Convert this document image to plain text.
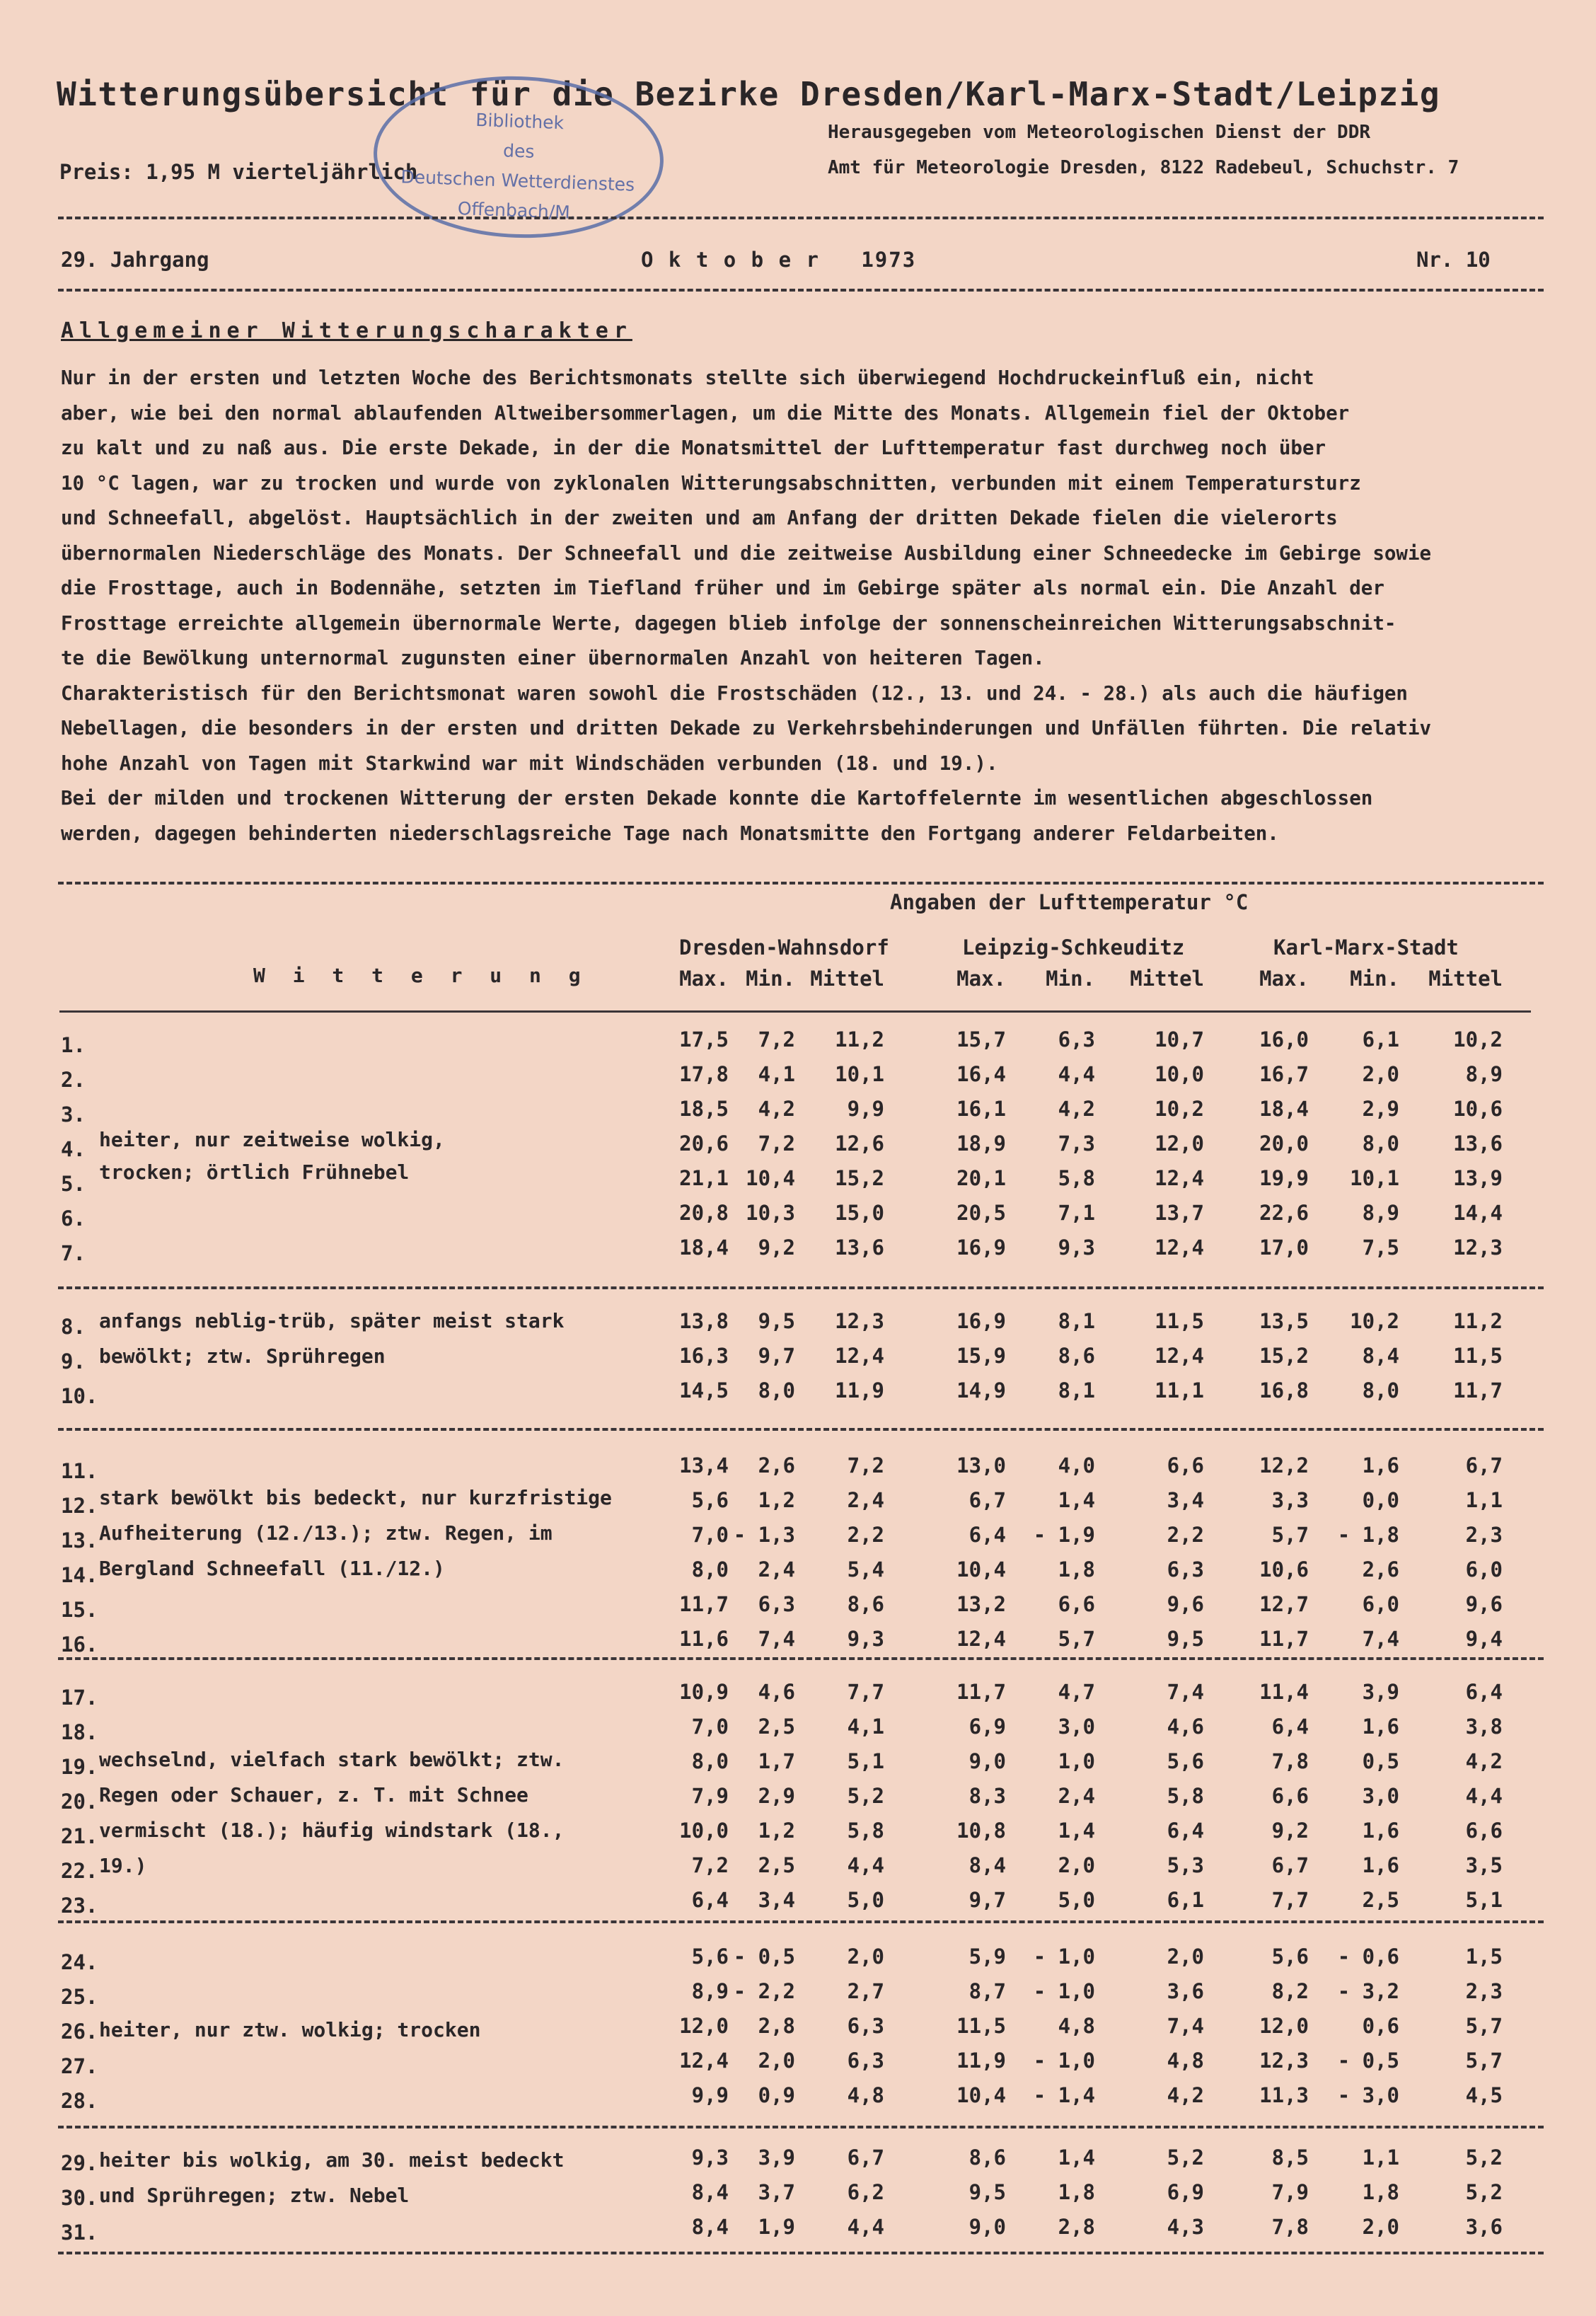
Witterungsübersicht für die Bezirke Dresden/Karl-Marx-Stadt/Leipzig
Preis: 1,95 M vierteljährlich
Herausgegeben vom Meteorologischen Dienst der DDR
Amt für Meteorologie Dresden, 8122 Radebeul, Schuchstr. 7
Bibliothek
des
Deutschen Wetterdienstes
Offenbach/M.
29. Jahrgang	O k t o b e r   1973	Nr. 10
Allgemeiner Witterungscharakter
Nur in der ersten und letzten Woche des Berichtsmonats stellte sich überwiegend Hochdruckeinfluß ein, nicht
aber, wie bei den normal ablaufenden Altweibersommerlagen, um die Mitte des Monats. Allgemein fiel der Oktober
zu kalt und zu naß aus. Die erste Dekade, in der die Monatsmittel der Lufttemperatur fast durchweg noch über
10 °C lagen, war zu trocken und wurde von zyklonalen Witterungsabschnitten, verbunden mit einem Temperatursturz
und Schneefall, abgelöst. Hauptsächlich in der zweiten und am Anfang der dritten Dekade fielen die vielerorts
übernormalen Niederschläge des Monats. Der Schneefall und die zeitweise Ausbildung einer Schneedecke im Gebirge sowie
die Frosttage, auch in Bodennähe, setzten im Tiefland früher und im Gebirge später als normal ein. Die Anzahl der
Frosttage erreichte allgemein übernormale Werte, dagegen blieb infolge der sonnenscheinreichen Witterungsabschnit-
te die Bewölkung unternormal zugunsten einer übernormalen Anzahl von heiteren Tagen.
Charakteristisch für den Berichtsmonat waren sowohl die Frostschäden (12., 13. und 24. - 28.) als auch die häufigen
Nebellagen, die besonders in der ersten und dritten Dekade zu Verkehrsbehinderungen und Unfällen führten. Die relativ
hohe Anzahl von Tagen mit Starkwind war mit Windschäden verbunden (18. und 19.).
Bei der milden und trockenen Witterung der ersten Dekade konnte die Kartoffelernte im wesentlichen abgeschlossen
werden, dagegen behinderten niederschlagsreiche Tage nach Monatsmitte den Fortgang anderer Feldarbeiten.
Angaben der Lufttemperatur °C
W i t t e r u n g
Dresden-Wahnsdorf	Leipzig-Schkeuditz	Karl-Marx-Stadt
Max. Min. Mittel	Max.	Min.	Mittel	Max.	Min.	Mittel
1.	17,5	7,2	11,2	15,7	6,3	10,7	16,0	6,1	10,2
2.	17,8	4,1	10,1	16,4	4,4	10,0	16,7	2,0	8,9
3.	18,5	4,2	9,9	16,1	4,2	10,2	18,4	2,9	10,6
4.	20,6	7,2	12,6	18,9	7,3	12,0	20,0	8,0	13,6
5.	21,1 10,4	15,2	20,1	5,8	12,4	19,9	10,1	13,9
6.	20,8 10,3	15,0	20,5	7,1	13,7	22,6	8,9	14,4
7.	18,4	9,2	13,6	16,9	9,3	12,4	17,0	7,5	12,3
heiter, nur zeitweise wolkig,
trocken; örtlich Frühnebel
8.	13,8	9,5	12,3	16,9	8,1	11,5	13,5	10,2	11,2
9.	16,3	9,7	12,4	15,9	8,6	12,4	15,2	8,4	11,5
10.	14,5	8,0	11,9	14,9	8,1	11,1	16,8	8,0	11,7
anfangs neblig-trüb, später meist stark
bewölkt; ztw. Sprühregen
11.	13,4	2,6	7,2	13,0	4,0	6,6	12,2	1,6	6,7
12.	5,6	1,2	2,4	6,7	1,4	3,4	3,3	0,0	1,1
13.	7,0 - 1,3	2,2	6,4	- 1,9	2,2	5,7	- 1,8	2,3
14.	8,0	2,4	5,4	10,4	1,8	6,3	10,6	2,6	6,0
15.	11,7	6,3	8,6	13,2	6,6	9,6	12,7	6,0	9,6
16.	11,6	7,4	9,3	12,4	5,7	9,5	11,7	7,4	9,4
stark bewölkt bis bedeckt, nur kurzfristige
Aufheiterung (12./13.); ztw. Regen, im
Bergland Schneefall (11./12.)
17.	10,9	4,6	7,7	11,7	4,7	7,4	11,4	3,9	6,4
18.	7,0	2,5	4,1	6,9	3,0	4,6	6,4	1,6	3,8
19.	8,0	1,7	5,1	9,0	1,0	5,6	7,8	0,5	4,2
20.	7,9	2,9	5,2	8,3	2,4	5,8	6,6	3,0	4,4
21.	10,0	1,2	5,8	10,8	1,4	6,4	9,2	1,6	6,6
22.	7,2	2,5	4,4	8,4	2,0	5,3	6,7	1,6	3,5
23.	6,4	3,4	5,0	9,7	5,0	6,1	7,7	2,5	5,1
wechselnd, vielfach stark bewölkt; ztw.
Regen oder Schauer, z. T. mit Schnee
vermischt (18.); häufig windstark (18.,
19.)
24.	5,6 - 0,5	2,0	5,9	- 1,0	2,0	5,6	- 0,6	1,5
25.	8,9 - 2,2	2,7	8,7	- 1,0	3,6	8,2	- 3,2	2,3
26.	12,0	2,8	6,3	11,5	4,8	7,4	12,0	0,6	5,7
27.	12,4	2,0	6,3	11,9	- 1,0	4,8	12,3	- 0,5	5,7
28.	9,9	0,9	4,8	10,4	- 1,4	4,2	11,3	- 3,0	4,5
heiter, nur ztw. wolkig; trocken
29.	9,3	3,9	6,7	8,6	1,4	5,2	8,5	1,1	5,2
30.	8,4	3,7	6,2	9,5	1,8	6,9	7,9	1,8	5,2
31.	8,4	1,9	4,4	9,0	2,8	4,3	7,8	2,0	3,6
heiter bis wolkig, am 30. meist bedeckt
und Sprühregen; ztw. Nebel
